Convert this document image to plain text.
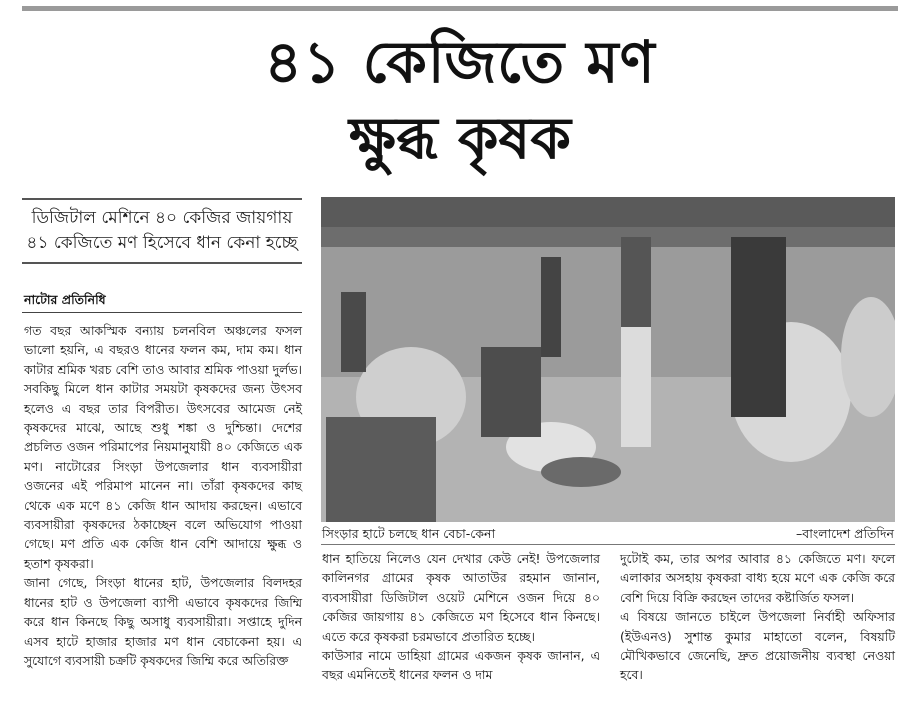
৪১ কেজিতে মণ
ক্ষুব্ধ কৃষক
ডিজিটাল মেশিনে ৪০ কেজির জায়গায় ৪১ কেজিতে মণ হিসেবে ধান কেনা হচ্ছে
নাটোর প্রতিনিধি

গত বছর আকস্মিক বন্যায় চলনবিল অঞ্চলের ফসল ভালো হয়নি, এ বছরও ধানের ফলন কম, দাম কম। ধান কাটার শ্রমিক খরচ বেশি তাও আবার শ্রমিক পাওয়া দুর্লভ। সবকিছু মিলে ধান কাটার সময়টা কৃষকদের জন্য উৎসব হলেও এ বছর তার বিপরীত। উৎসবের আমেজ নেই কৃষকদের মাঝে, আছে শুধু শঙ্কা ও দুশ্চিন্তা। দেশের প্রচলিত ওজন পরিমাপের নিয়মানুযায়ী ৪০ কেজিতে এক মণ। নাটোরের সিংড়া উপজেলার ধান ব্যবসায়ীরা ওজনের এই পরিমাপ মানেন না। তাঁরা কৃষকদের কাছ থেকে এক মণে ৪১ কেজি ধান আদায় করছেন। এভাবে ব্যবসায়ীরা কৃষকদের ঠকাচ্ছেন বলে অভিযোগ পাওয়া গেছে। মণ প্রতি এক কেজি ধান বেশি আদায়ে ক্ষুব্ধ ও হতাশ কৃষকরা।

জানা গেছে, সিংড়া ধানের হাট, উপজেলার বিলদহর ধানের হাট ও উপজেলা ব্যাপী এভাবে কৃষকদের জিম্মি করে ধান কিনছে কিছু অসাধু ব্যবসায়ীরা। সপ্তাহে দুদিন এসব হাটে হাজার হাজার মণ ধান বেচাকেনা হয়। এ সুযোগে ব্যবসায়ী চক্রটি কৃষকদের জিম্মি করে অতিরিক্ত

সিংড়ার হাটে চলছে ধান বেচা-কেনা	–বাংলাদেশ প্রতিদিন

ধান হাতিয়ে নিলেও যেন দেখার কেউ নেই! উপজেলার কালিনগর গ্রামের কৃষক আতাউর রহমান জানান, ব্যবসায়ীরা ডিজিটাল ওয়েট মেশিনে ওজন দিয়ে ৪০ কেজির জায়গায় ৪১ কেজিতে মণ হিসেবে ধান কিনছে। এতে করে কৃষকরা চরমভাবে প্রতারিত হচ্ছে।

কাউসার নামে ডাহিয়া গ্রামের একজন কৃষক জানান, এ বছর এমনিতেই ধানের ফলন ও দাম

দুটোই কম, তার অপর আবার ৪১ কেজিতে মণ। ফলে এলাকার অসহায় কৃষকরা বাধ্য হয়ে মণে এক কেজি করে বেশি দিয়ে বিক্রি করছেন তাদের কষ্টার্জিত ফসল।

এ বিষয়ে জানতে চাইলে উপজেলা নির্বাহী অফিসার (ইউএনও) সুশান্ত কুমার মাহাতো বলেন, বিষয়টি মৌখিকভাবে জেনেছি, দ্রুত প্রয়োজনীয় ব্যবস্থা নেওয়া হবে।
